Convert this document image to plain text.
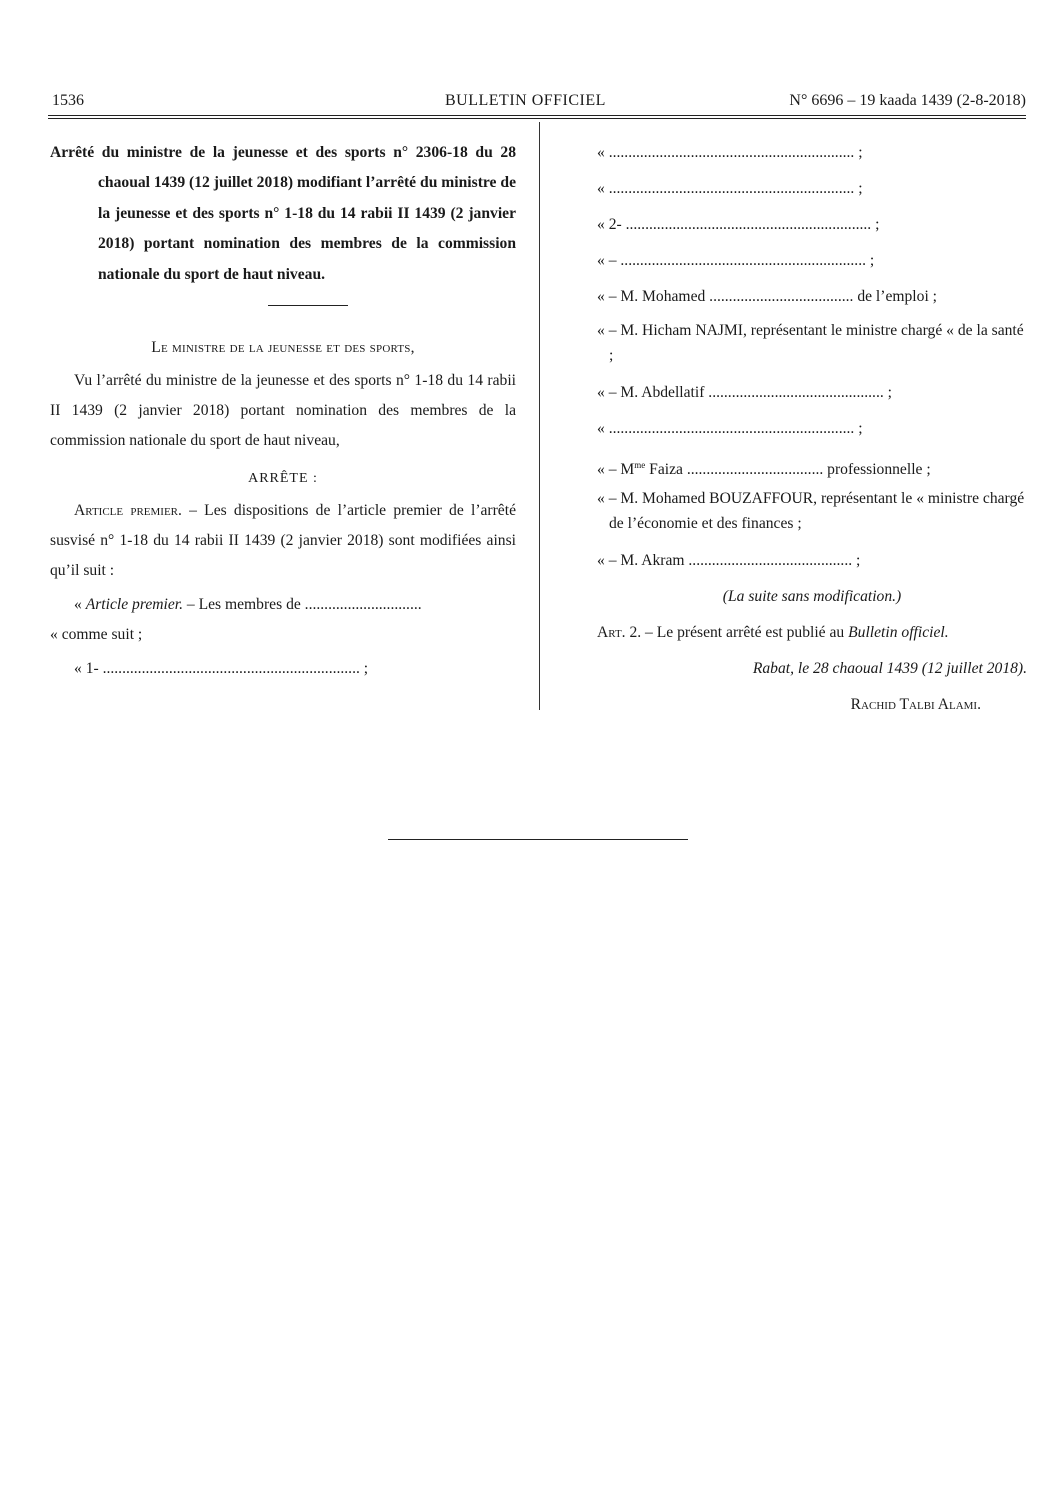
1536	BULLETIN OFFICIEL	N° 6696 – 19 kaada 1439 (2-8-2018)

Arrêté du ministre de la jeunesse et des sports n° 2306-18 du 28 chaoual 1439 (12 juillet 2018) modifiant l’arrêté du ministre de la jeunesse et des sports n° 1-18 du 14 rabii II 1439 (2 janvier 2018) portant nomination des membres de la commission nationale du sport de haut niveau.

Le ministre de la jeunesse et des sports,

Vu l’arrêté du ministre de la jeunesse et des sports n° 1-18 du 14 rabii II 1439 (2 janvier 2018) portant nomination des membres de la commission nationale du sport de haut niveau,

ARRÊTE :

Article premier. – Les dispositions de l’article premier de l’arrêté susvisé n° 1-18 du 14 rabii II 1439 (2 janvier 2018) sont modifiées ainsi qu’il suit :

« Article premier. – Les membres de ..............................

« comme suit ;

« 1- .................................................................. ;

« ............................................................... ;
« ............................................................... ;
« 2- ............................................................... ;
« – ............................................................... ;
« – M. Mohamed ..................................... de l’emploi ;
« – M. Hicham NAJMI, représentant le ministre chargé « de la santé ;
« – M. Abdellatif ............................................. ;
« ............................................................... ;
« – $M^{me}$ Faiza ................................... professionnelle ;
« – M. Mohamed BOUZAFFOUR, représentant le « ministre chargé de l’économie et des finances ;
« – M. Akram .......................................... ;
(La suite sans modification.)
Art. 2. – Le présent arrêté est publié au Bulletin officiel.
Rabat, le 28 chaoual 1439 (12 juillet 2018).
Rachid Talbi Alami.
